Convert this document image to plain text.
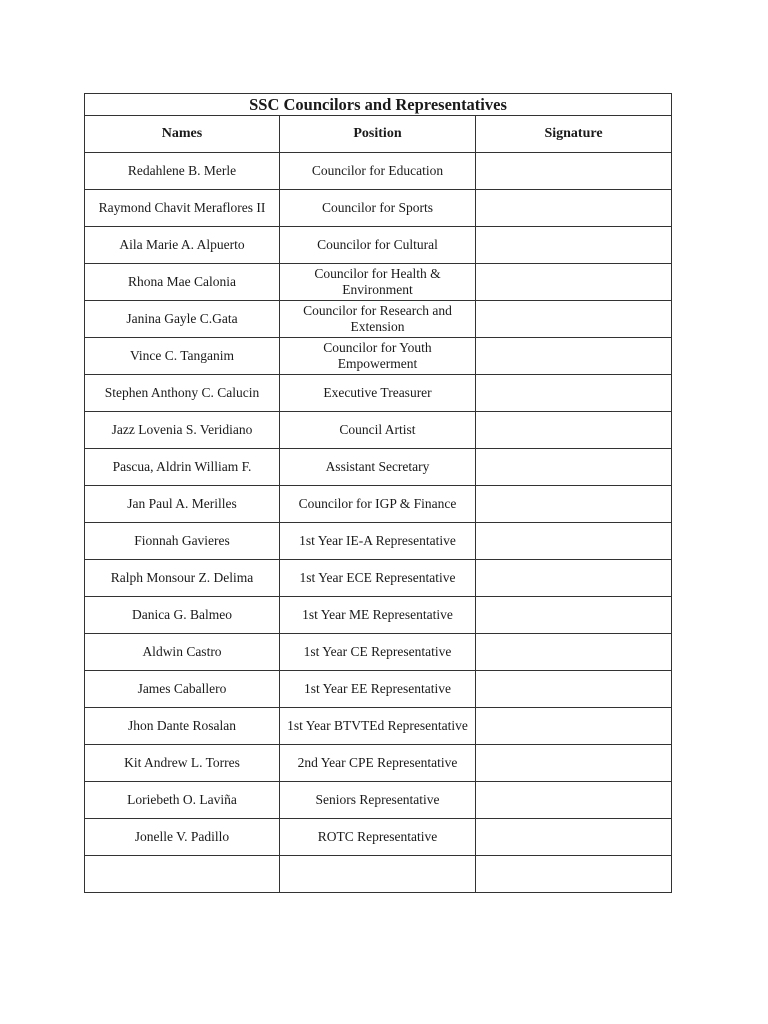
SSC Councilors and Representatives		
Names	Position	Signature
Redahlene B. Merle	Councilor for Education	
Raymond Chavit Meraflores II	Councilor for Sports	
Aila Marie A. Alpuerto	Councilor for Cultural	
Rhona Mae Calonia	Councilor for Health & Environment	
Janina Gayle C.Gata	Councilor for Research and Extension	
Vince C. Tanganim	Councilor for Youth Empowerment	
Stephen Anthony C. Calucin	Executive Treasurer	
Jazz Lovenia S. Veridiano	Council Artist	
Pascua, Aldrin William F.	Assistant Secretary	
Jan Paul A. Merilles	Councilor for IGP & Finance	
Fionnah Gavieres	1st Year IE-A Representative	
Ralph Monsour Z. Delima	1st Year ECE Representative	
Danica G. Balmeo	1st Year ME Representative	
Aldwin Castro	1st Year CE Representative	
James Caballero	1st Year EE Representative	
Jhon Dante Rosalan	1st Year BTVTEd Representative	
Kit Andrew L. Torres	2nd Year CPE Representative	
Loriebeth O. Laviña	Seniors Representative	
Jonelle V. Padillo	ROTC Representative	
